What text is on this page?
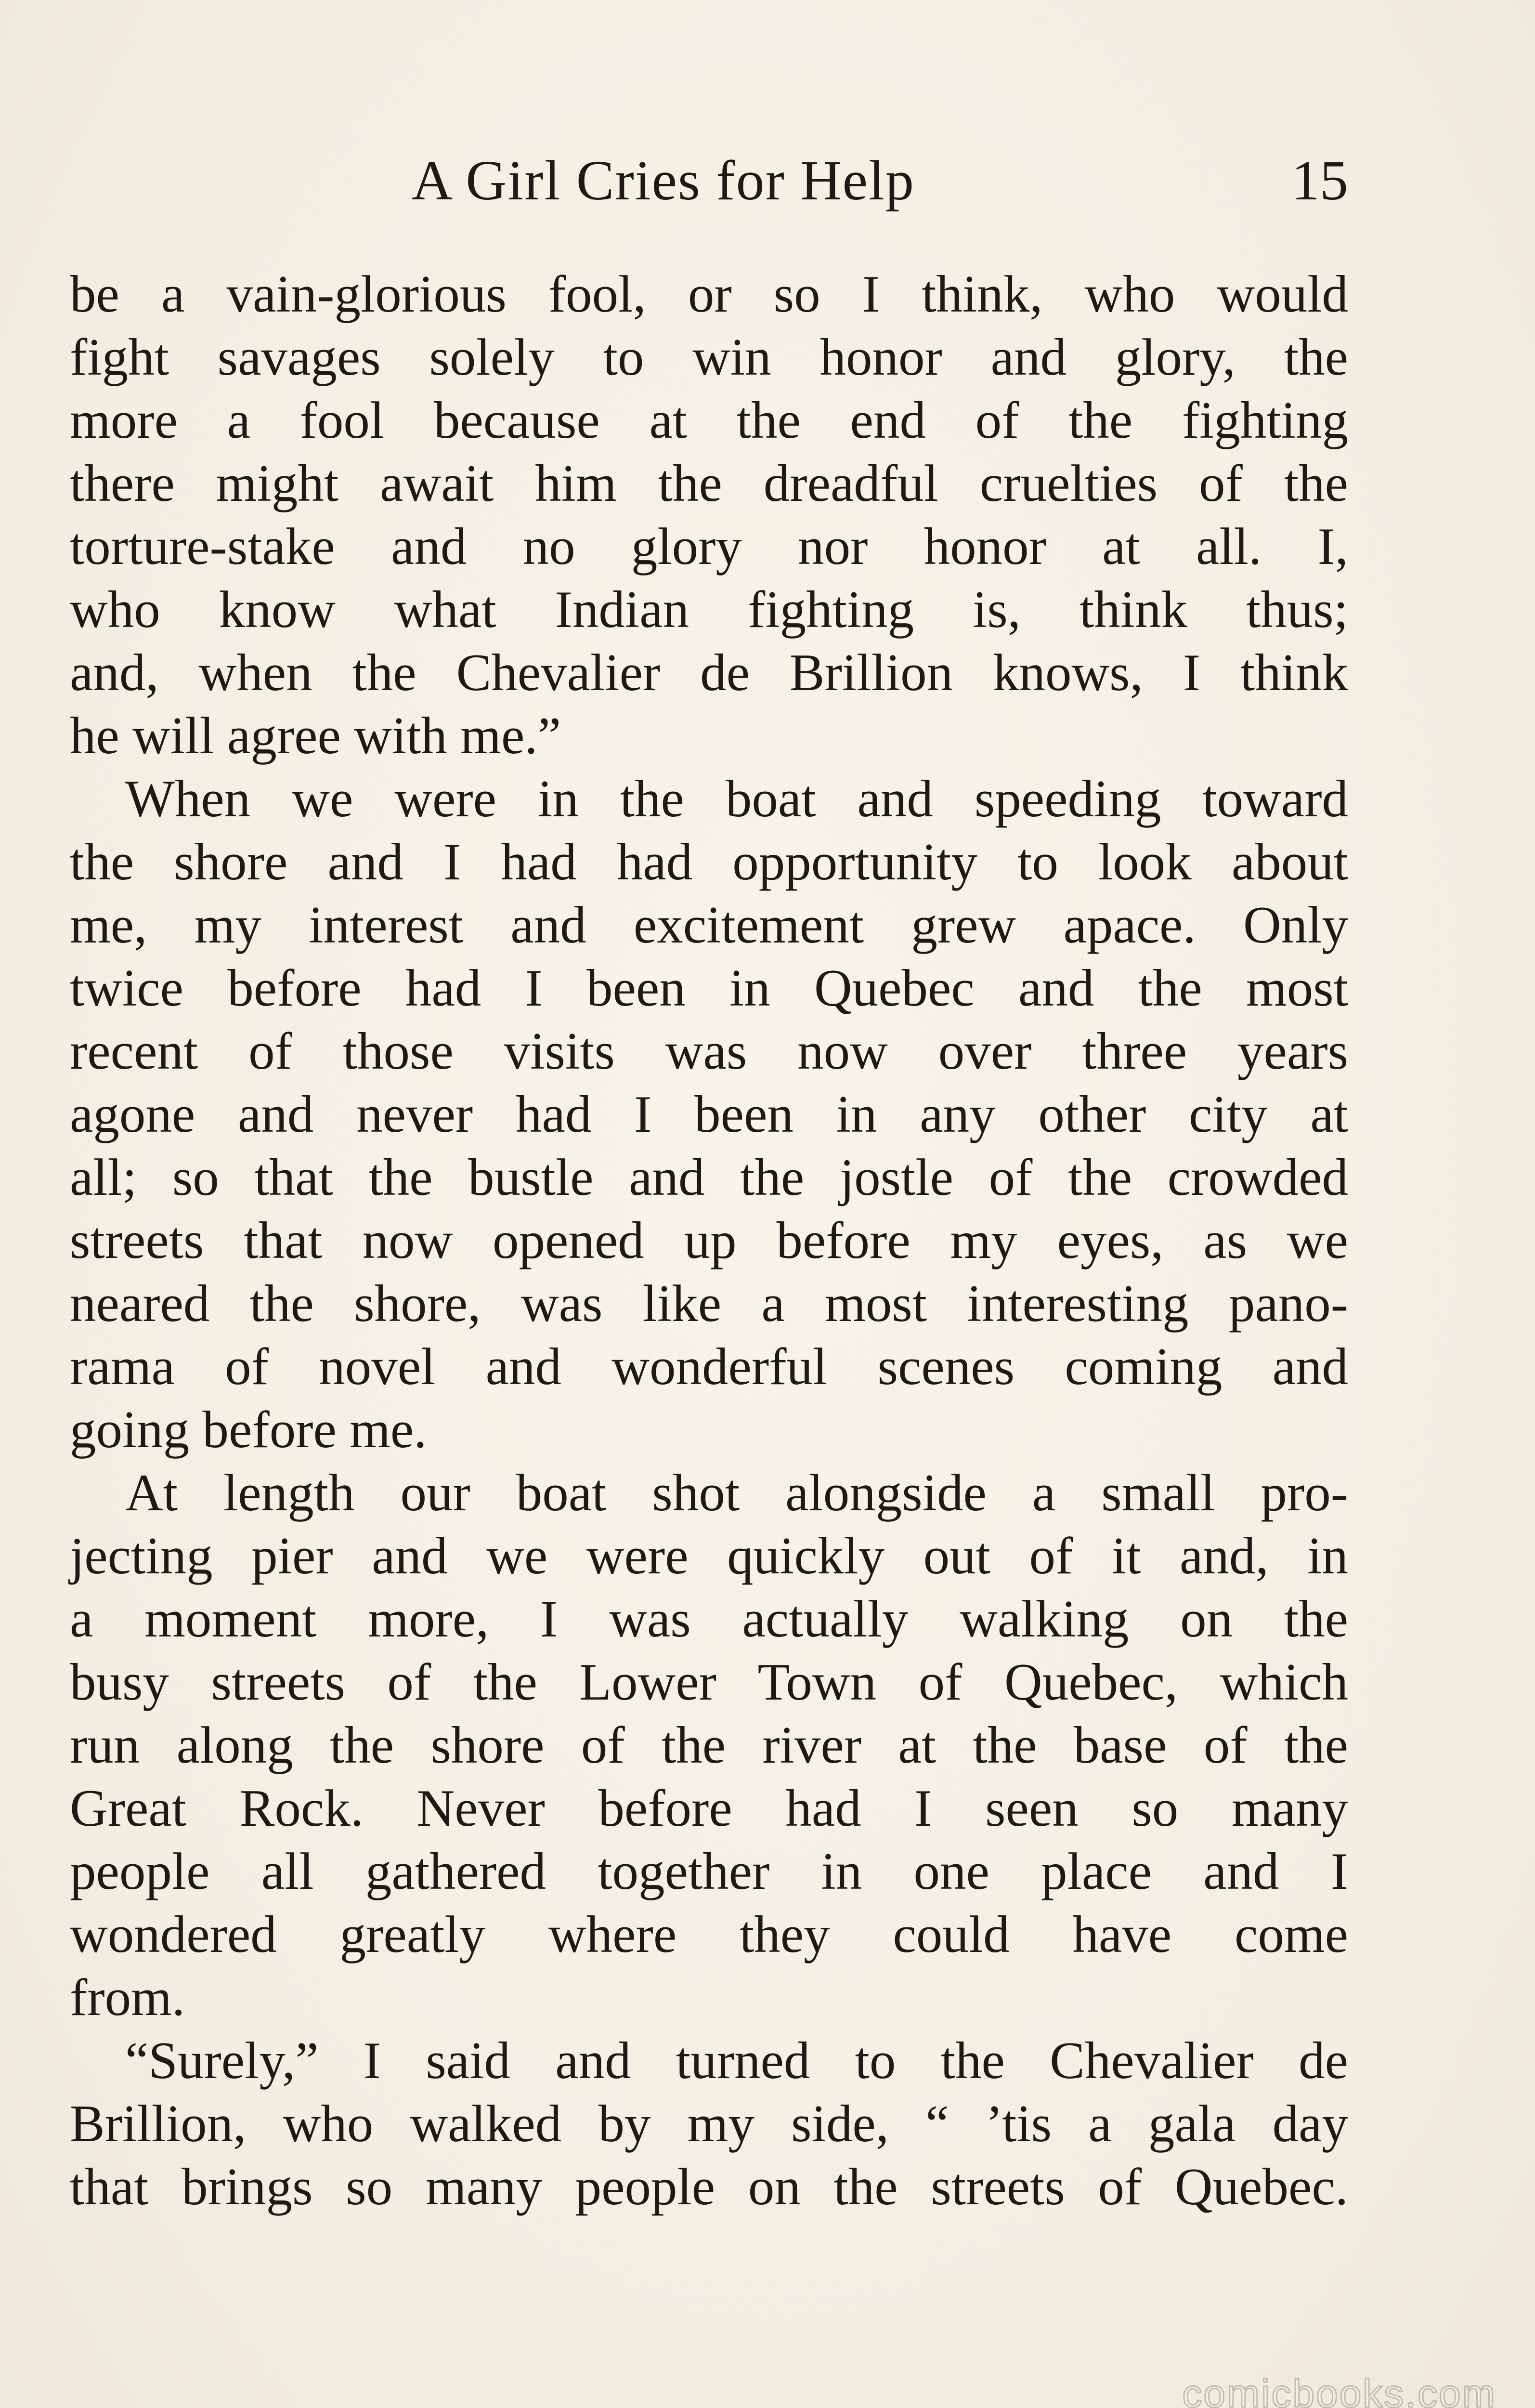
A Girl Cries for Help	15
be a vain-glorious fool, or so I think, who would
fight savages solely to win honor and glory, the
more a fool because at the end of the fighting
there might await him the dreadful cruelties of the
torture-stake and no glory nor honor at all. I,
who know what Indian fighting is, think thus;
and, when the Chevalier de Brillion knows, I think
he will agree with me.”
When we were in the boat and speeding toward
the shore and I had had opportunity to look about
me, my interest and excitement grew apace. Only
twice before had I been in Quebec and the most
recent of those visits was now over three years
agone and never had I been in any other city at
all; so that the bustle and the jostle of the crowded
streets that now opened up before my eyes, as we
neared the shore, was like a most interesting pano-
rama of novel and wonderful scenes coming and
going before me.
At length our boat shot alongside a small pro-
jecting pier and we were quickly out of it and, in
a moment more, I was actually walking on the
busy streets of the Lower Town of Quebec, which
run along the shore of the river at the base of the
Great Rock. Never before had I seen so many
people all gathered together in one place and I
wondered greatly where they could have come
from.
“Surely,” I said and turned to the Chevalier de
Brillion, who walked by my side, “ ’tis a gala day
that brings so many people on the streets of Quebec.
comicbooks.com
